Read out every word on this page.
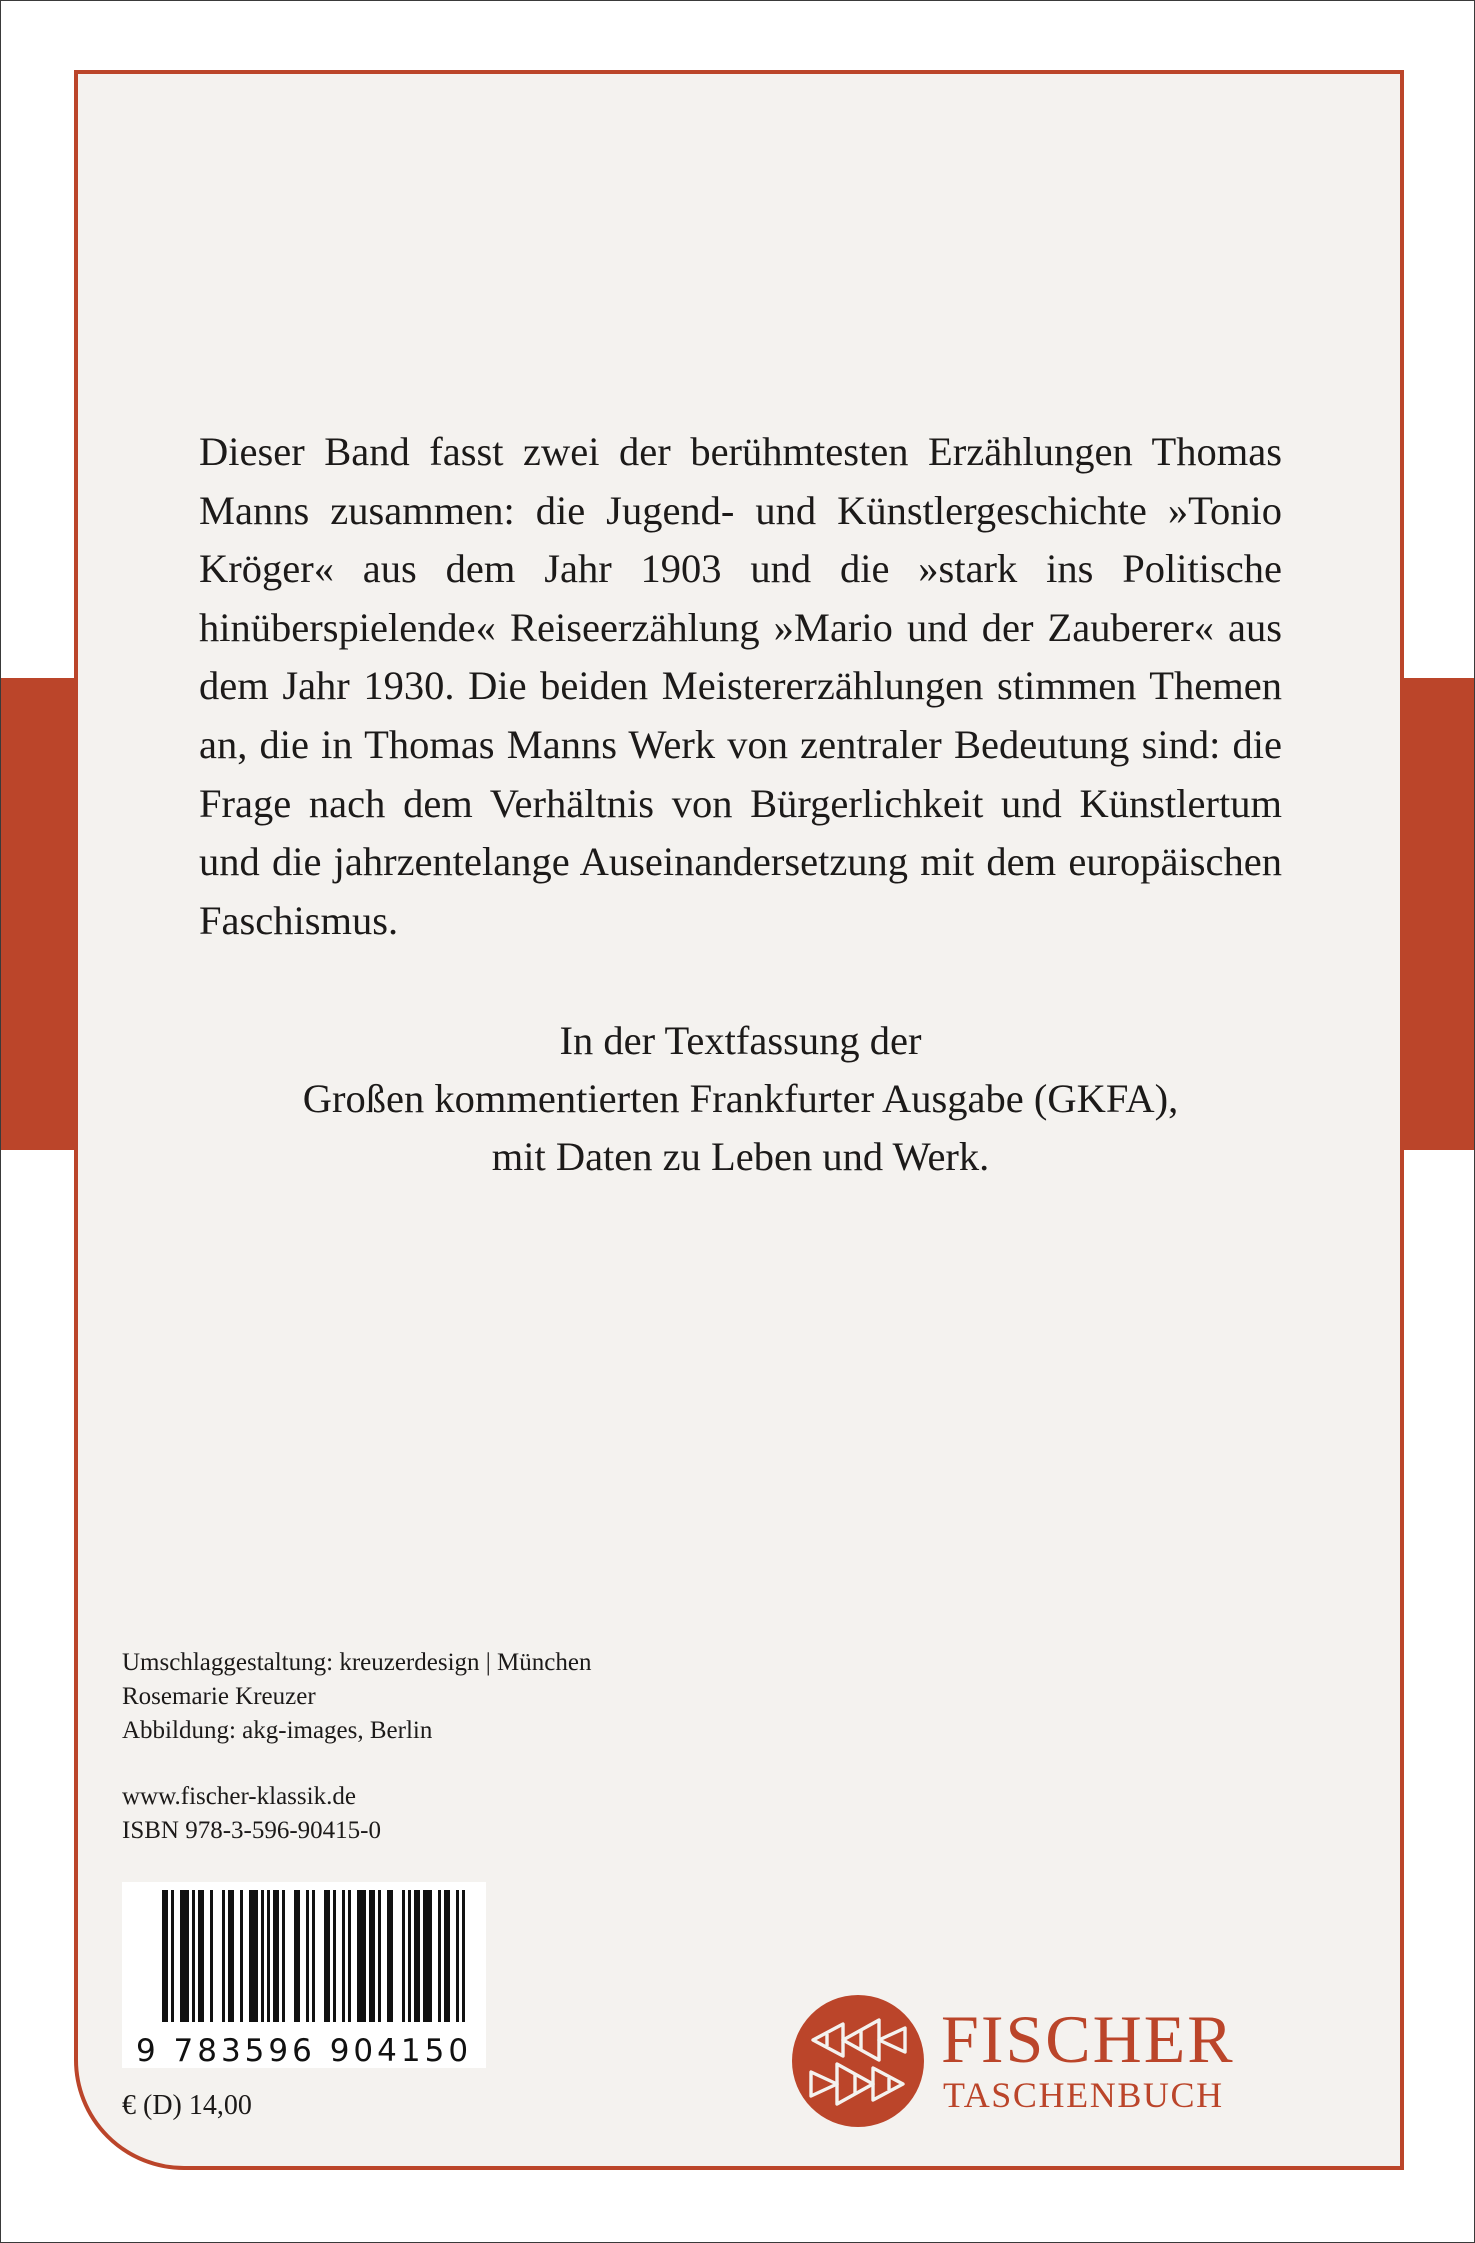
Dieser Band fasst zwei der berühmtesten Erzählungen Thomas Manns zusammen: die Jugend- und Künstlergeschichte »Tonio Kröger« aus dem Jahr 1903 und die »stark ins Politische hinüberspielende« Reiseerzählung »Mario und der Zauberer« aus dem Jahr 1930. Die beiden Meistererzählungen stimmen Themen an, die in Thomas Manns Werk von zentraler Bedeutung sind: die Frage nach dem Verhältnis von Bürgerlichkeit und Künstlertum und die jahrzentelange Auseinandersetzung mit dem europäischen Faschismus.

In der Textfassung der
Großen kommentierten Frankfurter Ausgabe (GKFA),
mit Daten zu Leben und Werk.

Umschlaggestaltung: kreuzerdesign | München
Rosemarie Kreuzer
Abbildung: akg-images, Berlin

www.fischer-klassik.de
ISBN 978-3-596-90415-0

9 783596 904150
€ (D) 14,00
FISCHER
TASCHENBUCH
